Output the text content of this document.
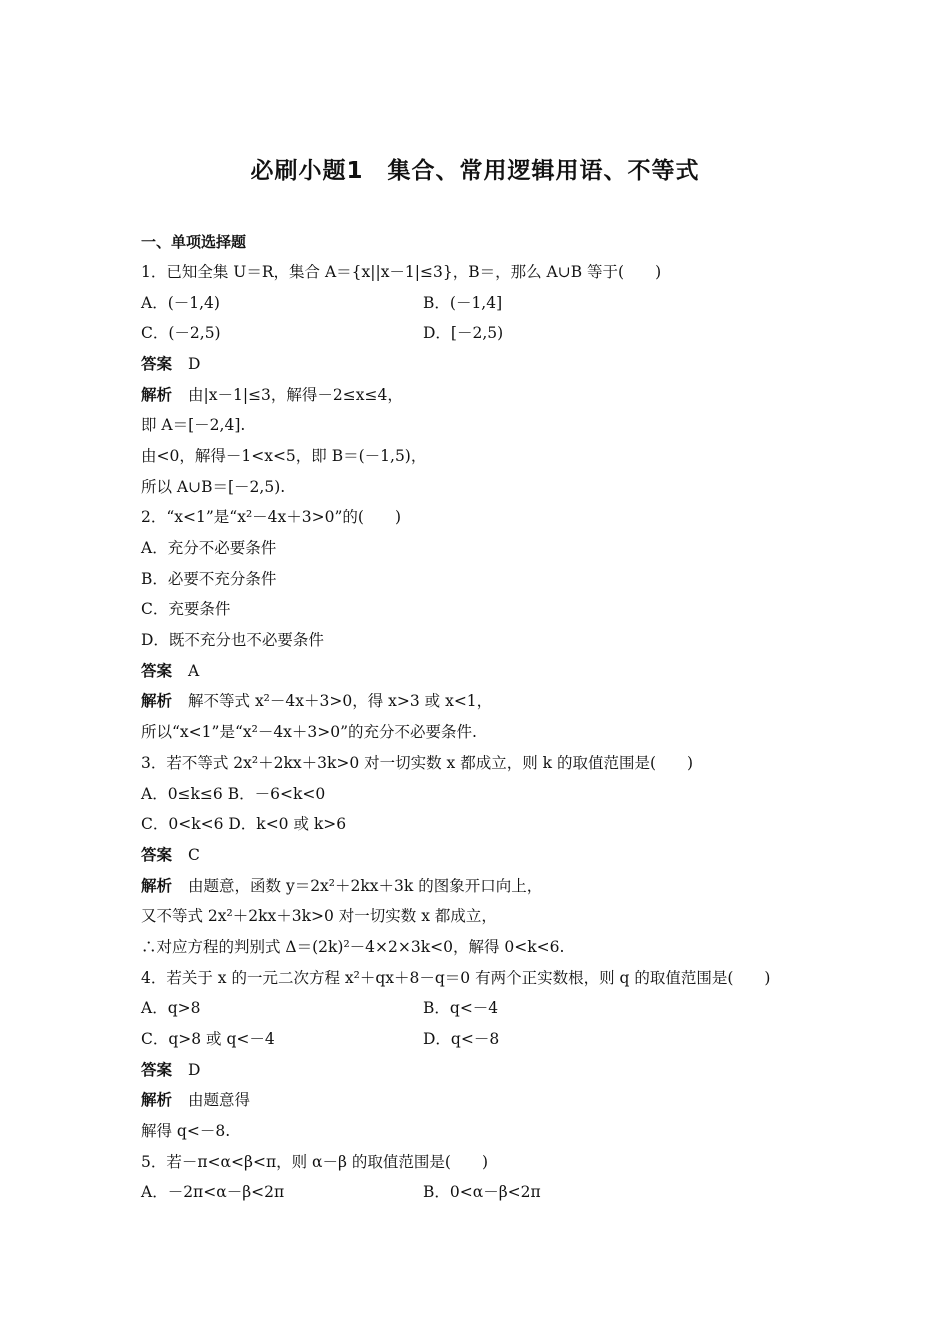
必刷小题1　集合、常用逻辑用语、不等式
一、单项选择题
1．已知全集 U＝R，集合 A＝{x||x－1|≤3}，B＝，那么 A∪B 等于(　　)
A．(－1,4)	B．(－1,4]
C．(－2,5)	D．[－2,5)
答案 D
解析 由|x－1|≤3，解得－2≤x≤4，
即 A＝[－2,4].
由<0，解得－1<x<5，即 B＝(－1,5)，
所以 A∪B＝[－2,5).
2．“x<1”是“x²－4x＋3>0”的(　　)
A．充分不必要条件
B．必要不充分条件
C．充要条件
D．既不充分也不必要条件
答案 A
解析 解不等式 x²－4x＋3>0，得 x>3 或 x<1，
所以“x<1”是“x²－4x＋3>0”的充分不必要条件.
3．若不等式 2x²＋2kx＋3k>0 对一切实数 x 都成立，则 k 的取值范围是(　　)
A．0≤k≤6 B．－6<k<0
C．0<k<6 D．k<0 或 k>6
答案 C
解析 由题意，函数 y＝2x²＋2kx＋3k 的图象开口向上，
又不等式 2x²＋2kx＋3k>0 对一切实数 x 都成立，
∴对应方程的判别式 Δ＝(2k)²－4×2×3k<0，解得 0<k<6.
4．若关于 x 的一元二次方程 x²＋qx＋8－q＝0 有两个正实数根，则 q 的取值范围是(　　)
A．q>8	B．q<－4
C．q>8 或 q<－4	D．q<－8
答案 D
解析 由题意得
解得 q<－8.
5．若－π<α<β<π，则 α－β 的取值范围是(　　)
A．－2π<α－β<2π	B．0<α－β<2π
